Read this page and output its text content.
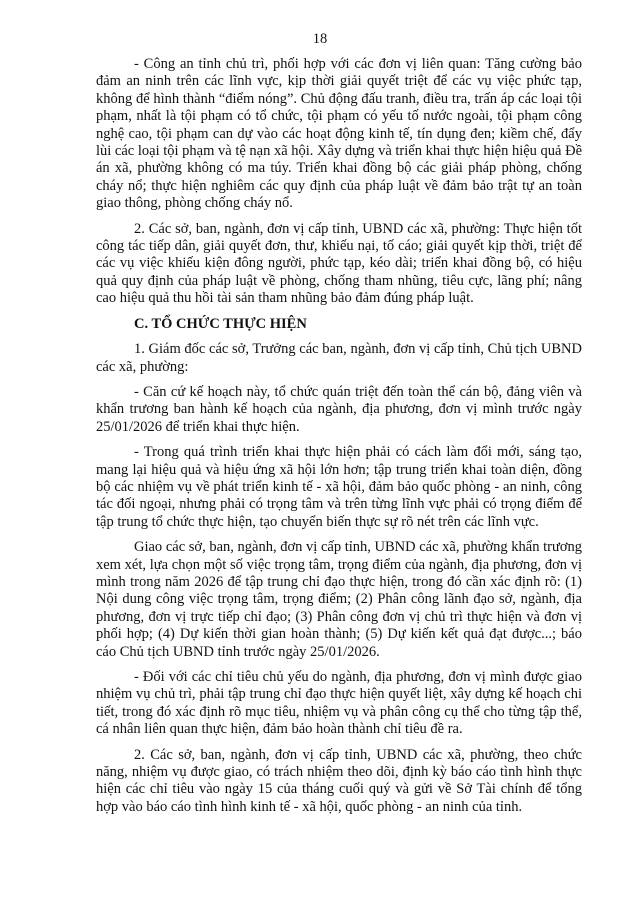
18

- Công an tỉnh chủ trì, phối hợp với các đơn vị liên quan: Tăng cường bảo đảm an ninh trên các lĩnh vực, kịp thời giải quyết triệt để các vụ việc phức tạp, không để hình thành “điểm nóng”. Chủ động đấu tranh, điều tra, trấn áp các loại tội phạm, nhất là tội phạm có tổ chức, tội phạm có yếu tố nước ngoài, tội phạm công nghệ cao, tội phạm can dự vào các hoạt động kinh tế, tín dụng đen; kiềm chế, đẩy lùi các loại tội phạm và tệ nạn xã hội. Xây dựng và triển khai thực hiện hiệu quả Đề án xã, phường không có ma túy. Triển khai đồng bộ các giải pháp phòng, chống cháy nổ; thực hiện nghiêm các quy định của pháp luật về đảm bảo trật tự an toàn giao thông, phòng chống cháy nổ.

2. Các sở, ban, ngành, đơn vị cấp tỉnh, UBND các xã, phường: Thực hiện tốt công tác tiếp dân, giải quyết đơn, thư, khiếu nại, tố cáo; giải quyết kịp thời, triệt để các vụ việc khiếu kiện đông người, phức tạp, kéo dài; triển khai đồng bộ, có hiệu quả quy định của pháp luật về phòng, chống tham nhũng, tiêu cực, lãng phí; nâng cao hiệu quả thu hồi tài sản tham nhũng bảo đảm đúng pháp luật.

C. TỔ CHỨC THỰC HIỆN

1. Giám đốc các sở, Trưởng các ban, ngành, đơn vị cấp tỉnh, Chủ tịch UBND các xã, phường:

- Căn cứ kế hoạch này, tổ chức quán triệt đến toàn thể cán bộ, đảng viên và khẩn trương ban hành kế hoạch của ngành, địa phương, đơn vị mình trước ngày 25/01/2026 để triển khai thực hiện.

- Trong quá trình triển khai thực hiện phải có cách làm đổi mới, sáng tạo, mang lại hiệu quả và hiệu ứng xã hội lớn hơn; tập trung triển khai toàn diện, đồng bộ các nhiệm vụ về phát triển kinh tế - xã hội, đảm bảo quốc phòng - an ninh, công tác đối ngoại, nhưng phải có trọng tâm và trên từng lĩnh vực phải có trọng điểm để tập trung tổ chức thực hiện, tạo chuyển biến thực sự rõ nét trên các lĩnh vực.

Giao các sở, ban, ngành, đơn vị cấp tỉnh, UBND các xã, phường khẩn trương xem xét, lựa chọn một số việc trọng tâm, trọng điểm của ngành, địa phương, đơn vị mình trong năm 2026 để tập trung chỉ đạo thực hiện, trong đó cần xác định rõ: (1) Nội dung công việc trọng tâm, trọng điểm; (2) Phân công lãnh đạo sở, ngành, địa phương, đơn vị trực tiếp chỉ đạo; (3) Phân công đơn vị chủ trì thực hiện và đơn vị phối hợp; (4) Dự kiến thời gian hoàn thành; (5) Dự kiến kết quả đạt được...; báo cáo Chủ tịch UBND tỉnh trước ngày 25/01/2026.

- Đối với các chỉ tiêu chủ yếu do ngành, địa phương, đơn vị mình được giao nhiệm vụ chủ trì, phải tập trung chỉ đạo thực hiện quyết liệt, xây dựng kế hoạch chi tiết, trong đó xác định rõ mục tiêu, nhiệm vụ và phân công cụ thể cho từng tập thể, cá nhân liên quan thực hiện, đảm bảo hoàn thành chỉ tiêu đề ra.

2. Các sở, ban, ngành, đơn vị cấp tỉnh, UBND các xã, phường, theo chức năng, nhiệm vụ được giao, có trách nhiệm theo dõi, định kỳ báo cáo tình hình thực hiện các chỉ tiêu vào ngày 15 của tháng cuối quý và gửi về Sở Tài chính để tổng hợp vào báo cáo tình hình kinh tế - xã hội, quốc phòng - an ninh của tỉnh.
